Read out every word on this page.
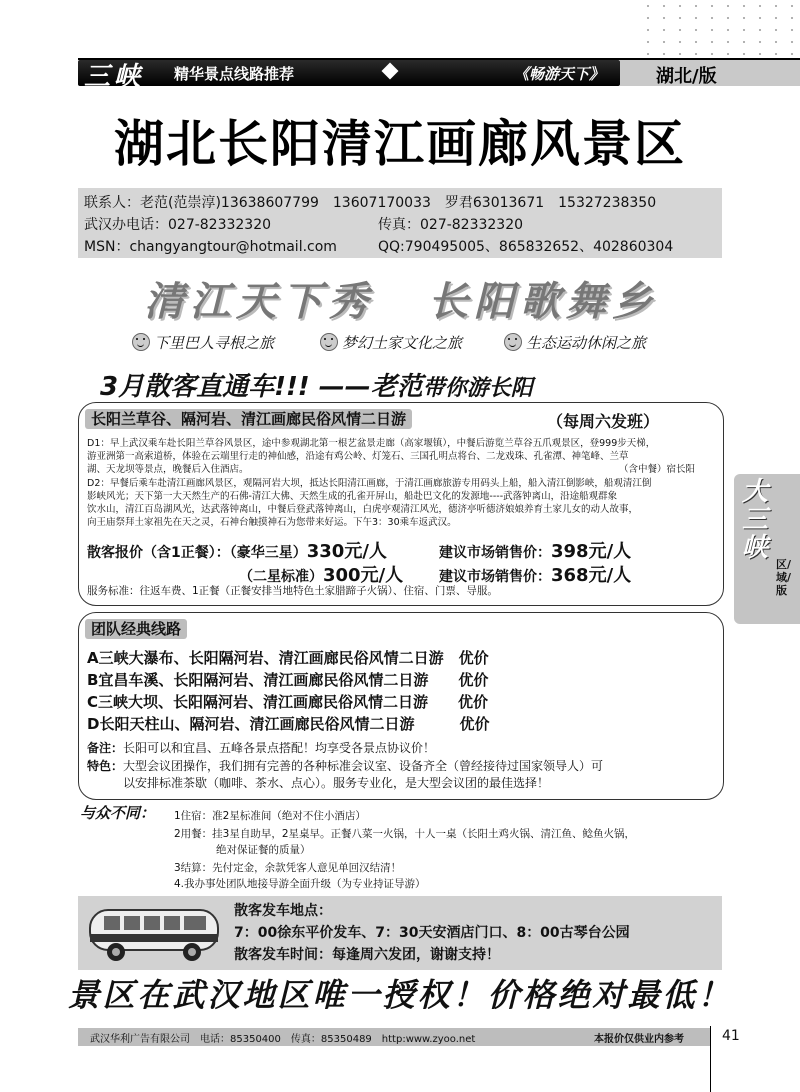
三峡 精华景点线路推荐	《畅游天下》	湖北/版
湖北长阳清江画廊风景区
联系人：老范(范崇淳)13638607799　13607170033　罗君63013671　15327238350
武汉办电话：027-82332320	传真：027-82332320
MSN：changyangtour@hotmail.com	QQ:790495005、865832652、402860304
清江天下秀 长阳歌舞乡
下里巴人寻根之旅	梦幻土家文化之旅	生态运动休闲之旅
3月散客直通车!!! ——老范带你游长阳
长阳兰草谷、隔河岩、清江画廊民俗风情二日游	（每周六发班）
D1：早上武汉乘车赴长阳兰草谷风景区，途中参观湖北第一根艺盆景走廊（高家堰镇），中餐后游览兰草谷五爪观景区，登999步天梯，
游亚洲第一高索道桥，体验在云端里行走的神仙感，沿途有鸡公岭、灯笼石、三国孔明点将台、二龙戏珠、孔雀潭、神笔峰、兰草
湖、天龙坝等景点，晚餐后入住酒店。	（含中餐）宿长阳
D2：早餐后乘车赴清江画廊风景区，观隔河岩大坝，抵达长阳清江画廊，于清江画廊旅游专用码头上船，船入清江倒影峡，船观清江倒
影峡风光；天下第一大天然生产的石佛-清江大佛、天然生成的孔雀开屏山，船赴巴文化的发源地----武落钟离山，沿途船观群象
饮水山，清江百岛湖风光，达武落钟离山，中餐后登武落钟离山，白虎亭观清江风光，德济亭听德济娘娘养育土家儿女的动人故事，
向王庙祭拜土家祖先在天之灵，石神台触摸神石为您带来好运。下午3：30乘车返武汉。
散客报价（含1正餐）：（豪华三星）330元/人	建议市场销售价：398元/人
（二星标准）300元/人	建议市场销售价：368元/人
服务标准：往返车费、1正餐（正餐安排当地特色土家腊蹄子火锅）、住宿、门票、导服。
团队经典线路
A三峡大瀑布、长阳隔河岩、清江画廊民俗风情二日游　优价
B宜昌车溪、长阳隔河岩、清江画廊民俗风情二日游　　优价
C三峡大坝、长阳隔河岩、清江画廊民俗风情二日游　　优价
D长阳天柱山、隔河岩、清江画廊民俗风情二日游　　　优价
备注：长阳可以和宜昌、五峰各景点搭配！均享受各景点协议价！
特色：大型会议团操作，我们拥有完善的各种标准会议室、设备齐全（曾经接待过国家领导人）可
以安排标准茶歇（咖啡、茶水、点心）。服务专业化，是大型会议团的最佳选择！
与众不同： 1住宿：准2星标准间（绝对不住小酒店）
2用餐：挂3星自助早，2星桌早。正餐八菜一火锅，十人一桌（长阳土鸡火锅、清江鱼、鲶鱼火锅，
　　　　绝对保证餐的质量）
3结算：先付定金，余款凭客人意见单回汉结清！
4.我办事处团队地接导游全面升级（为专业持证导游）
散客发车地点：
7：00徐东平价发车、7：30天安酒店门口、8：00古琴台公园
散客发车时间：每逢周六发团，谢谢支持！
景区在武汉地区唯一授权！价格绝对最低！
武汉华利广告有限公司　电话：85350400　传真：85350489　http:www.zyoo.net	本报价仅供业内参考	41
大三峡
区/域/版
